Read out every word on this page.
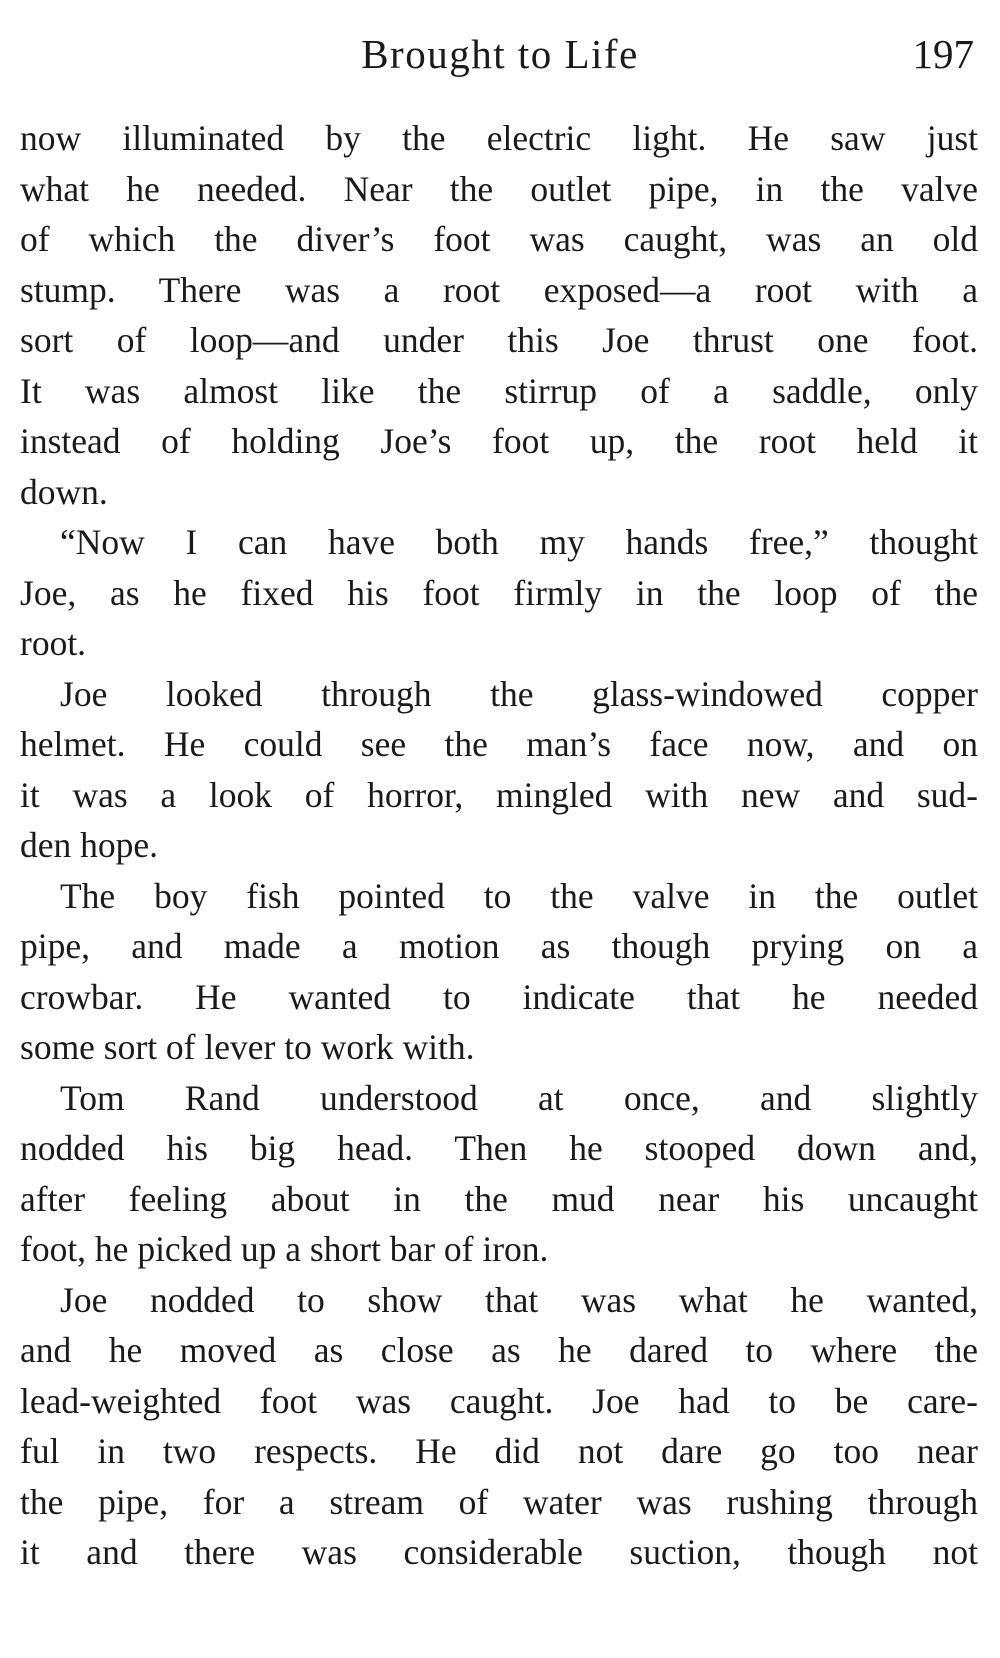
Brought to Life	197

now illuminated by the electric light. He saw just
what he needed. Near the outlet pipe, in the valve
of which the diver’s foot was caught, was an old
stump. There was a root exposed—a root with a
sort of loop—and under this Joe thrust one foot.
It was almost like the stirrup of a saddle, only
instead of holding Joe’s foot up, the root held it
down.

“Now I can have both my hands free,” thought
Joe, as he fixed his foot firmly in the loop of the
root.

Joe looked through the glass-windowed copper
helmet. He could see the man’s face now, and on
it was a look of horror, mingled with new and sud-
den hope.

The boy fish pointed to the valve in the outlet
pipe, and made a motion as though prying on a
crowbar. He wanted to indicate that he needed
some sort of lever to work with.

Tom Rand understood at once, and slightly
nodded his big head. Then he stooped down and,
after feeling about in the mud near his uncaught
foot, he picked up a short bar of iron.

Joe nodded to show that was what he wanted,
and he moved as close as he dared to where the
lead-weighted foot was caught. Joe had to be care-
ful in two respects. He did not dare go too near
the pipe, for a stream of water was rushing through
it and there was considerable suction, though not
